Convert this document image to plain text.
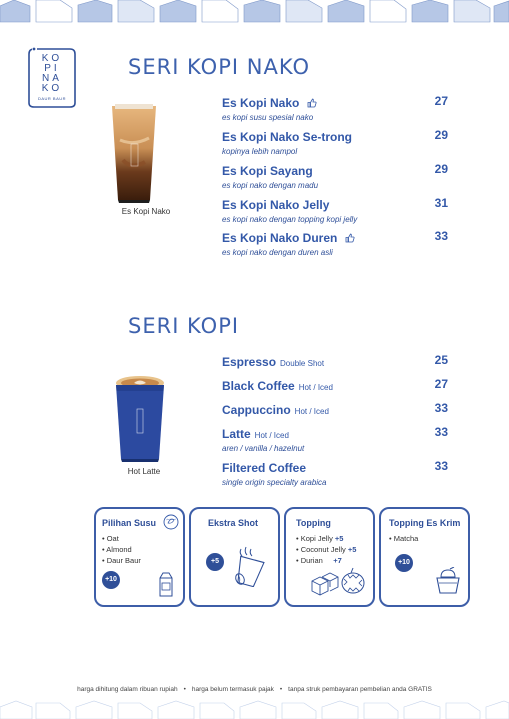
KO
PI
NA
KO
DAUR BAUR
SERI KOPI NAKO
Es Kopi Nako
Es Kopi Nako
es kopi susu spesial nako
27
Es Kopi Nako Se-trong
kopinya lebih nampol
29
Es Kopi Sayang
es kopi nako dengan madu
29
Es Kopi Nako Jelly
es kopi nako dengan topping kopi jelly
31
Es Kopi Nako Duren
es kopi nako dengan duren asli
33
SERI KOPI
Hot Latte
Espresso Double Shot	25
Black Coffee Hot / Iced	27
Cappuccino Hot / Iced	33
Latte Hot / Iced
aren / vanilla / hazelnut
33
Filtered Coffee
single origin specialty arabica
33
Pilihan Susu	plant based
• Oat
• Almond
• Daur Baur
+10
Ekstra Shot
+5
Topping
• Kopi Jelly +5
• Coconut Jelly +5
• Durian +7
Topping Es Krim
• Matcha
+10
harga dihitung dalam ribuan rupiah • harga belum termasuk pajak • tanpa struk pembayaran pembelian anda GRATIS
